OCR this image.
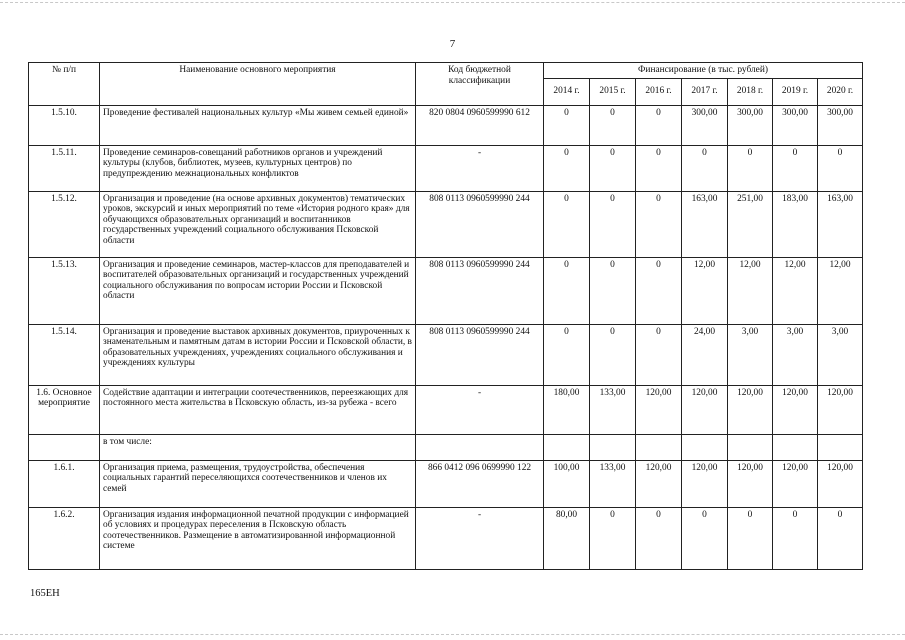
7
№ п/п	Наименование основного мероприятия	Код бюджетной классификации	Финансирование (в тыс. рублей)						
			2014 г.	2015 г.	2016 г.	2017 г.	2018 г.	2019 г.	2020 г.
1.5.10.	Проведение фестивалей национальных культур «Мы живем семьей единой»	820 0804 0960599990 612	0	0	0	300,00	300,00	300,00	300,00
1.5.11.	Проведение семинаров-совещаний работников органов и учреждений культуры (клубов, библиотек, музеев, культурных центров) по предупреждению межнациональных конфликтов	-	0	0	0	0	0	0	0
1.5.12.	Организация и проведение (на основе архивных документов) тематических уроков, экскурсий и иных мероприятий по теме «История родного края» для обучающихся образовательных организаций и воспитанников государственных учреждений социального обслуживания Псковской области	808 0113 0960599990 244	0	0	0	163,00	251,00	183,00	163,00
1.5.13.	Организация и проведение семинаров, мастер-классов для преподавателей и воспитателей образовательных организаций и государственных учреждений социального обслуживания по вопросам истории России и Псковской области	808 0113 0960599990 244	0	0	0	12,00	12,00	12,00	12,00
1.5.14.	Организация и проведение выставок архивных документов, приуроченных к знаменательным и памятным датам в истории России и Псковской области, в образовательных учреждениях, учреждениях социального обслуживания и учреждениях культуры	808 0113 0960599990 244	0	0	0	24,00	3,00	3,00	3,00
1.6. Основное мероприятие	Содействие адаптации и интеграции соотечественников, переезжающих для постоянного места жительства в Псковскую область, из-за рубежа - всего	-	180,00	133,00	120,00	120,00	120,00	120,00	120,00
	в том числе:								
1.6.1.	Организация приема, размещения, трудоустройства, обеспечения социальных гарантий переселяющихся соотечественников и членов их семей	866 0412 096 0699990 122	100,00	133,00	120,00	120,00	120,00	120,00	120,00
1.6.2.	Организация издания информационной печатной продукции с информацией об условиях и процедурах переселения в Псковскую область соотечественников. Размещение в автоматизированной информационной системе	-	80,00	0	0	0	0	0	0
165ЕН
